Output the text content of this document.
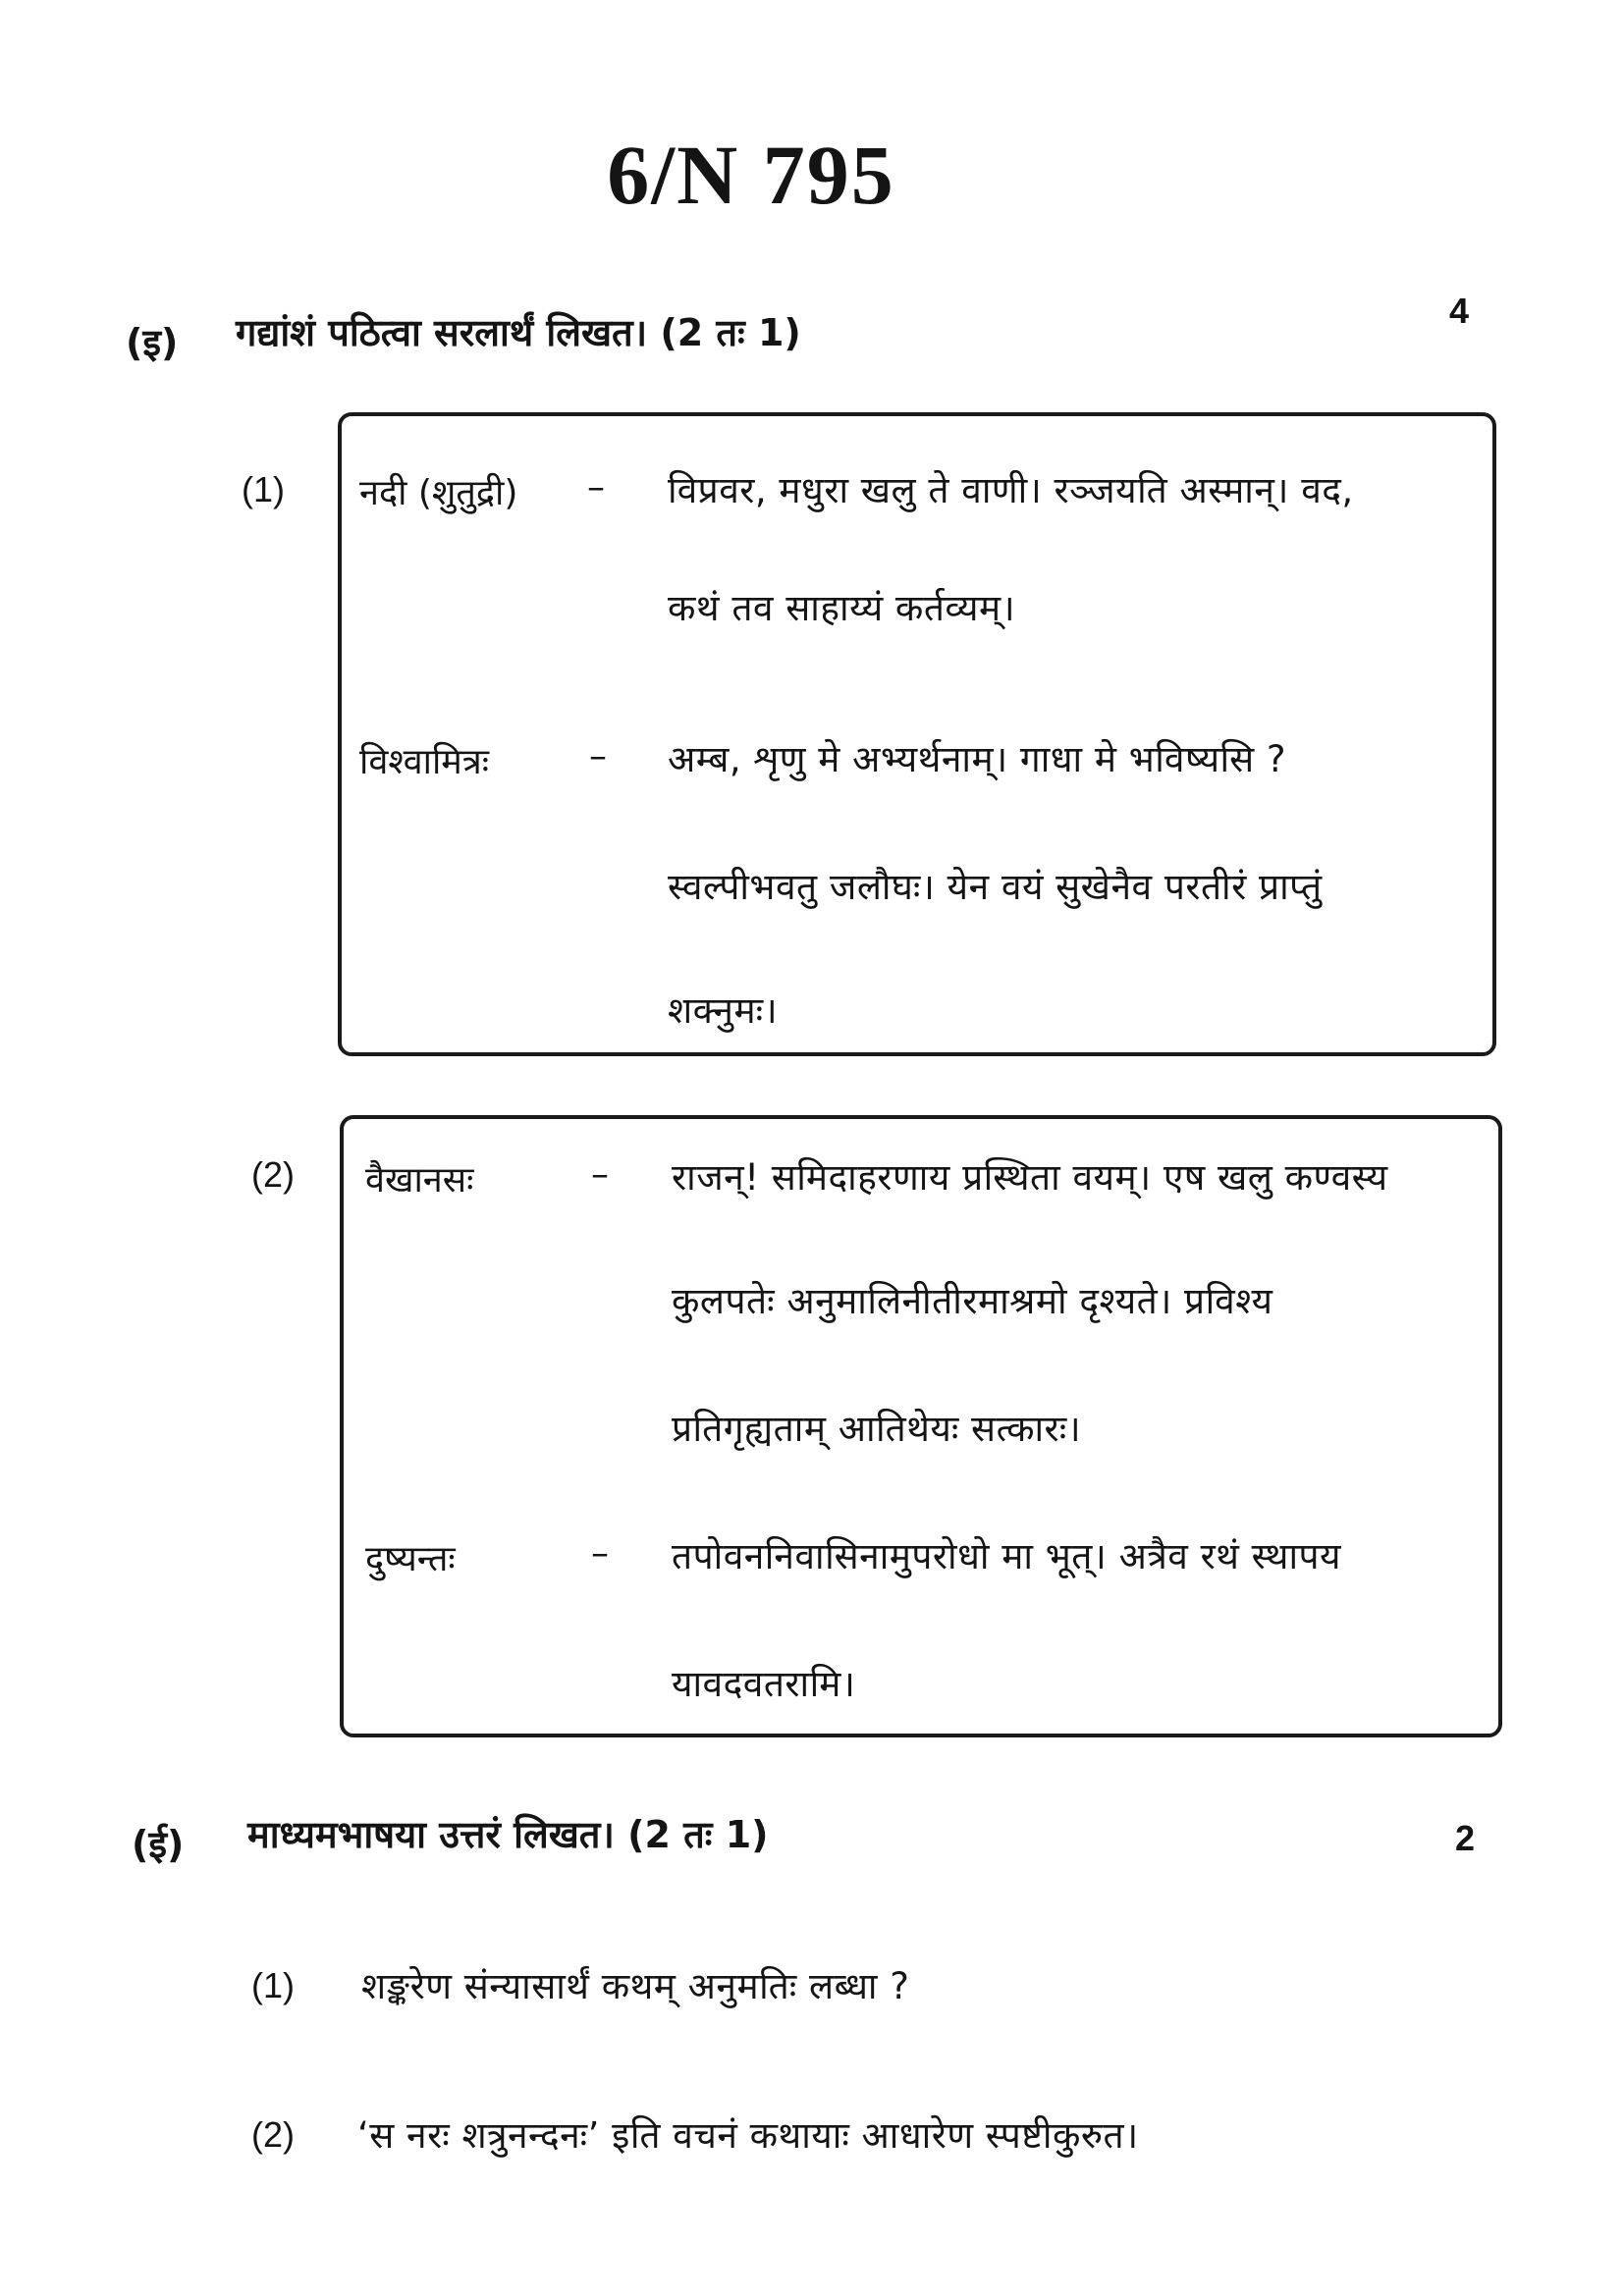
6/N 795
(इ) गद्यांशं पठित्वा सरलार्थं लिखत। (2 तः 1)
4
(1) नदी (शुतुद्री) – विप्रवर, मधुरा खलु ते वाणी। रञ्जयति अस्मान्। वद,
कथं तव साहाय्यं कर्तव्यम्।
विश्वामित्रः	– अम्ब, शृणु मे अभ्यर्थनाम्। गाधा मे भविष्यसि ?
स्वल्पीभवतु जलौघः। येन वयं सुखेनैव परतीरं प्राप्तुं
शक्नुमः।
(2) वैखानसः	– राजन्! समिदाहरणाय प्रस्थिता वयम्। एष खलु कण्वस्य
कुलपतेः अनुमालिनीतीरमाश्रमो दृश्यते। प्रविश्य
प्रतिगृह्यताम् आतिथेयः सत्कारः।
दुष्यन्तः	– तपोवननिवासिनामुपरोधो मा भूत्। अत्रैव रथं स्थापय
यावदवतरामि।
(ई) माध्यमभाषया उत्तरं लिखत। (2 तः 1)	2
(1) शङ्करेण संन्यासार्थं कथम् अनुमतिः लब्धा ?
(2) ‘स नरः शत्रुनन्दनः’ इति वचनं कथायाः आधारेण स्पष्टीकुरुत।
